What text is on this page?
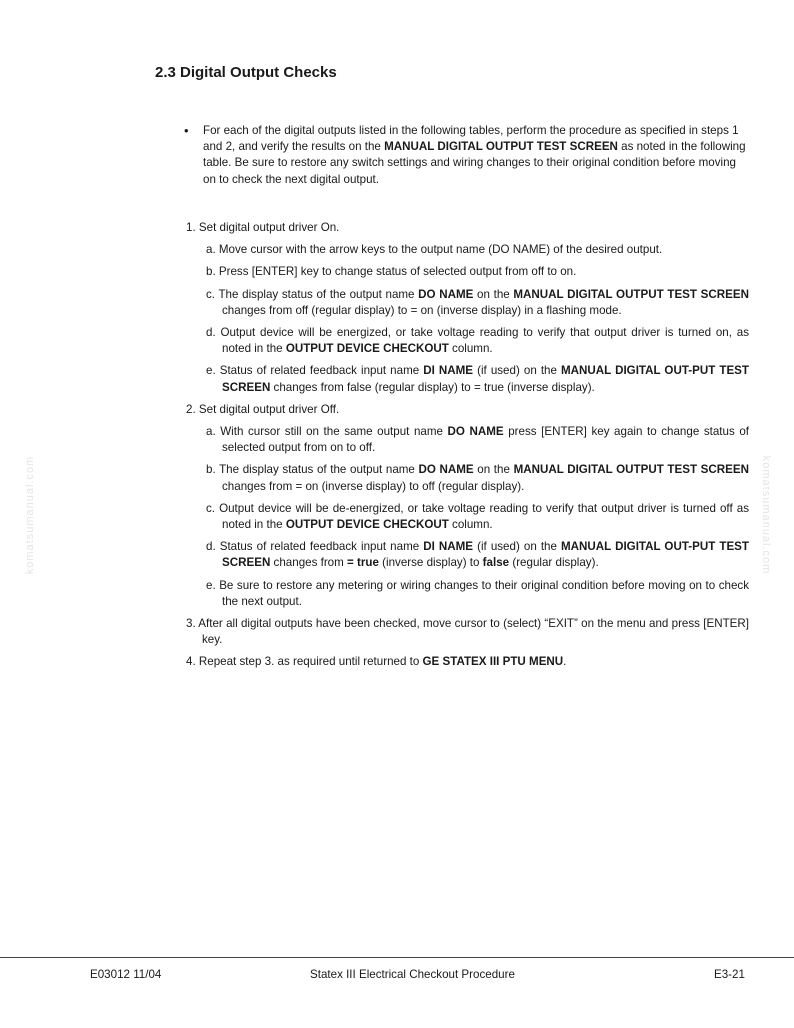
komatsumanual.com	komatsumanual.com
2.3 Digital Output Checks
• For each of the digital outputs listed in the following tables, perform the procedure as specified in steps 1 and 2, and verify the results on the MANUAL DIGITAL OUTPUT TEST SCREEN as noted in the following table. Be sure to restore any switch settings and wiring changes to their original condition before moving on to check the next digital output.

1. Set digital output driver On.

a. Move cursor with the arrow keys to the output name (DO NAME) of the desired output.

b. Press [ENTER] key to change status of selected output from off to on.

c. The display status of the output name DO NAME on the MANUAL DIGITAL OUTPUT TEST SCREEN changes from off (regular display) to = on (inverse display) in a flashing mode.

d. Output device will be energized, or take voltage reading to verify that output driver is turned on, as noted in the OUTPUT DEVICE CHECKOUT column.

e. Status of related feedback input name DI NAME (if used) on the MANUAL DIGITAL OUT-PUT TEST SCREEN changes from false (regular display) to = true (inverse display).

2. Set digital output driver Off.

a. With cursor still on the same output name DO NAME press [ENTER] key again to change status of selected output from on to off.

b. The display status of the output name DO NAME on the MANUAL DIGITAL OUTPUT TEST SCREEN changes from = on (inverse display) to off (regular display).

c. Output device will be de-energized, or take voltage reading to verify that output driver is turned off as noted in the OUTPUT DEVICE CHECKOUT column.

d. Status of related feedback input name DI NAME (if used) on the MANUAL DIGITAL OUT-PUT TEST SCREEN changes from = true (inverse display) to false (regular display).

e. Be sure to restore any metering or wiring changes to their original condition before moving on to check the next output.

3. After all digital outputs have been checked, move cursor to (select) “EXIT” on the menu and press [ENTER] key.

4. Repeat step 3. as required until returned to GE STATEX III PTU MENU.

E03012 11/04	Statex III Electrical Checkout Procedure	E3-21
